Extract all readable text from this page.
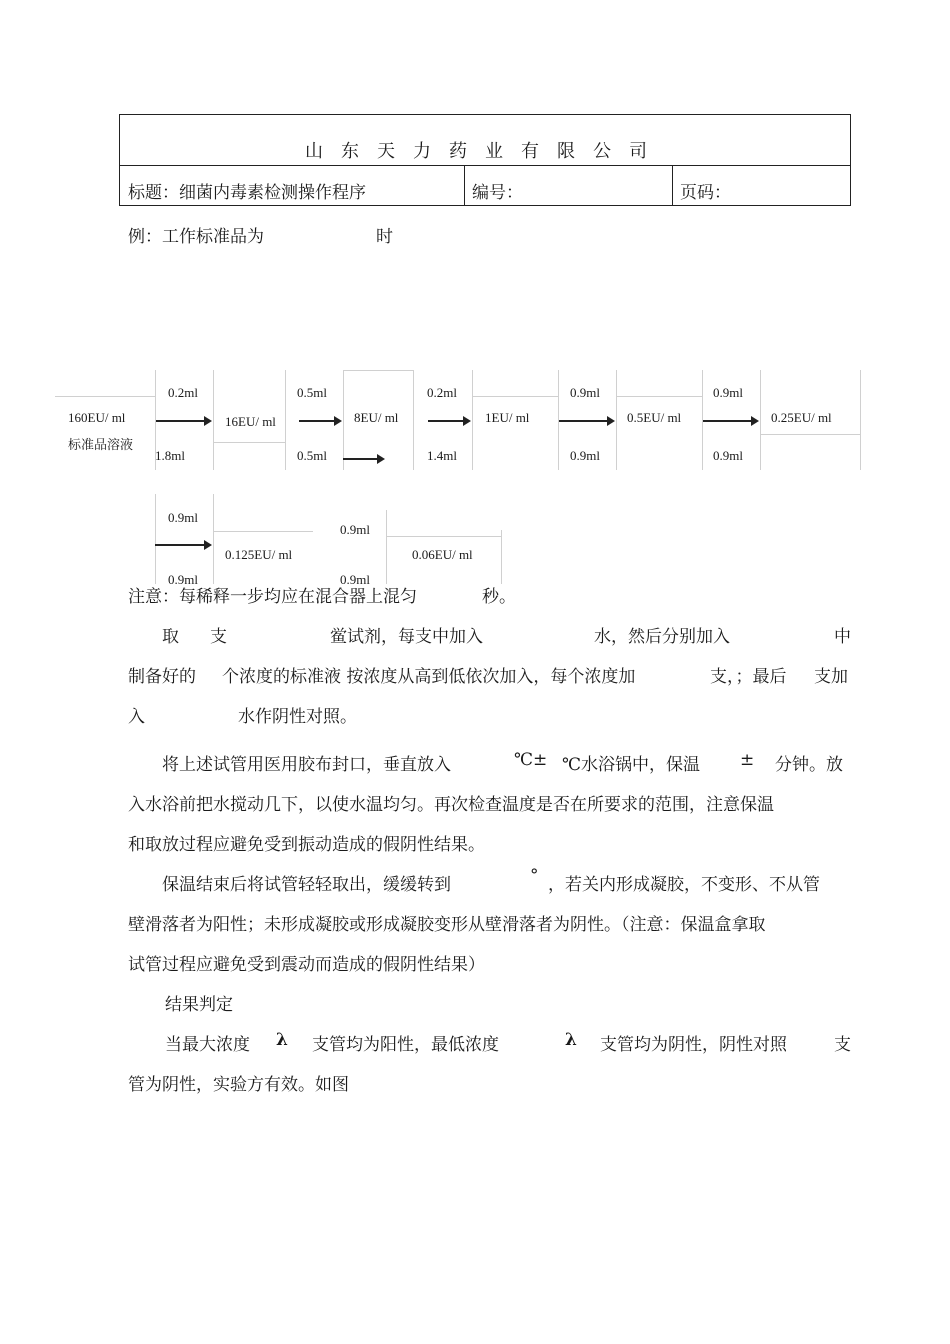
山东天力药业有限公司
标题：细菌内毒素检测操作程序	编号：	页码：
例：工作标准品为	时
160EU/ ml
标准品溶液
0.2ml
1.8ml
16EU/ ml
0.5ml
0.5ml
8EU/ ml
0.2ml
1.4ml
1EU/ ml
0.9ml
0.9ml
0.5EU/ ml
0.9ml
0.9ml
0.25EU/ ml
0.9ml
0.9ml
0.125EU/ ml
0.9ml
0.9ml
0.06EU/ ml
注意：每稀释一步均应在混合器上混匀	秒。
取 支	鲎试剂，每支中加入	水，然后分别加入	中
制备好的 个浓度的标准液 按浓度从高到低依次加入，每个浓度加	支，；最后 支加
入	水作阴性对照。
将上述试管用医用胶布封口，垂直放入	℃± ℃水浴锅中，保温 ± 分钟。放
入水浴前把水搅动几下，以使水温均匀。再次检查温度是否在所要求的范围，注意保温
和取放过程应避免受到振动造成的假阴性结果。
保温结束后将试管轻轻取出，缓缓转到	° ，若关内形成凝胶，不变形、不从管
壁滑落者为阳性；未形成凝胶或形成凝胶变形从壁滑落者为阴性。（注意：保温盒拿取
试管过程应避免受到震动而造成的假阴性结果）
结果判定
当最大浓度 λ 支管均为阳性，最低浓度	λ 支管均为阴性，阴性对照	支
管为阴性，实验方有效。如图
